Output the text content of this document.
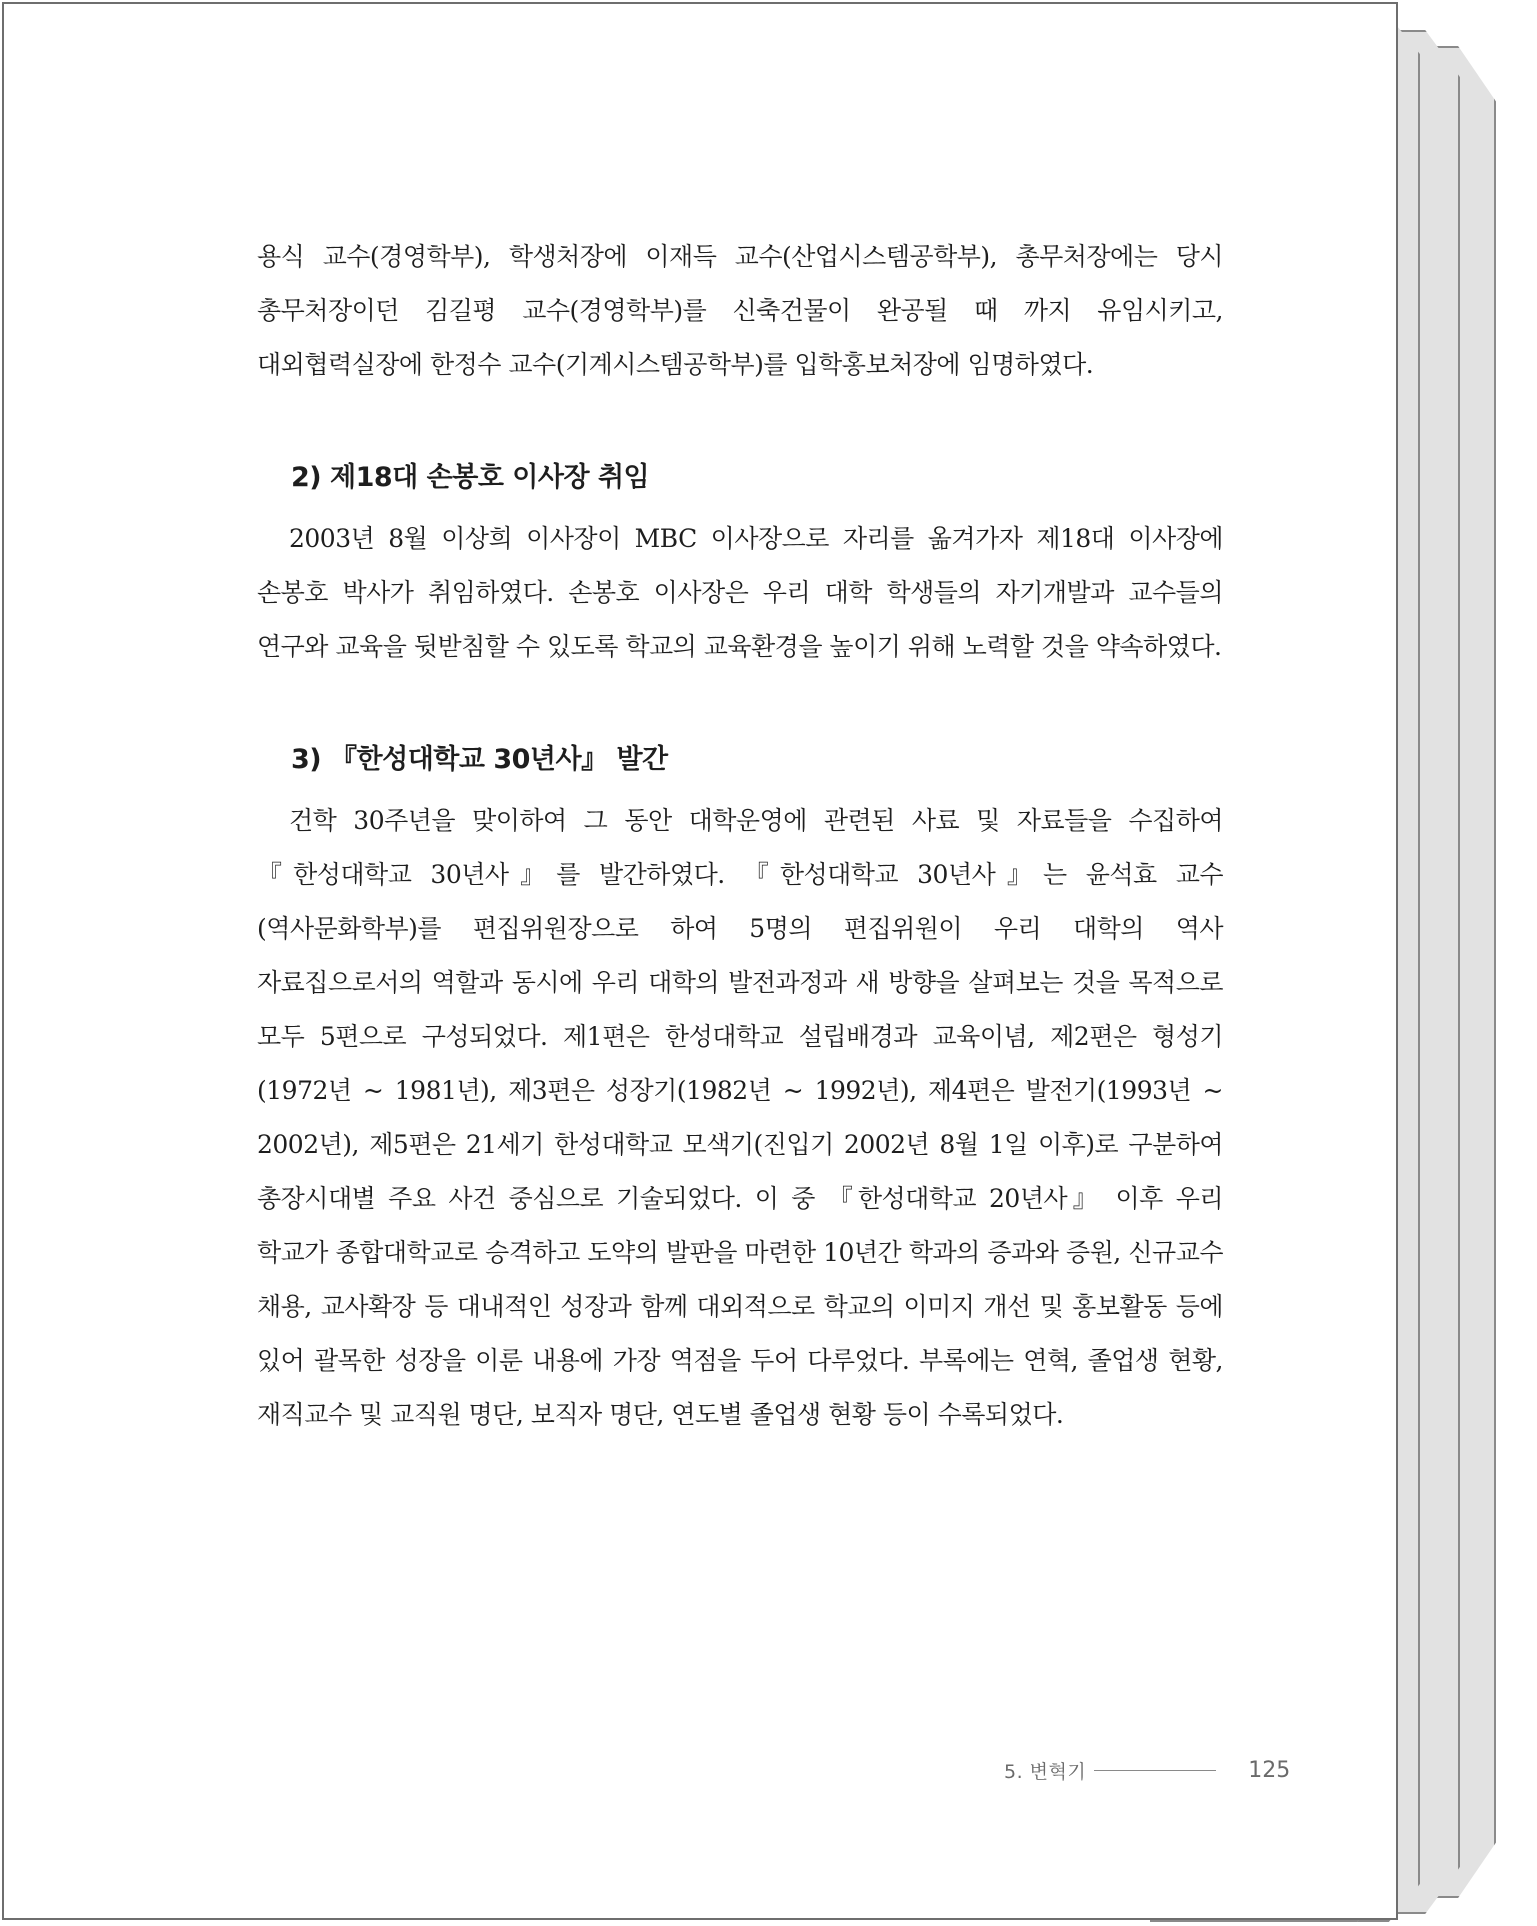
용식 교수(경영학부), 학생처장에 이재득 교수(산업시스템공학부), 총무처장에는 당시 총무처장이던 김길평 교수(경영학부)를 신축건물이 완공될 때 까지 유임시키고, 대외협력실장에 한정수 교수(기계시스템공학부)를 입학홍보처장에 임명하였다.

2) 제18대 손봉호 이사장 취임

2003년 8월 이상희 이사장이 MBC 이사장으로 자리를 옮겨가자 제18대 이사장에 손봉호 박사가 취임하였다. 손봉호 이사장은 우리 대학 학생들의 자기개발과 교수들의 연구와 교육을 뒷받침할 수 있도록 학교의 교육환경을 높이기 위해 노력할 것을 약속하였다.

3) 『한성대학교 30년사』 발간

건학 30주년을 맞이하여 그 동안 대학운영에 관련된 사료 및 자료들을 수집하여 『한성대학교 30년사』를 발간하였다. 『한성대학교 30년사』는 윤석효 교수(역사문화학부)를 편집위원장으로 하여 5명의 편집위원이 우리 대학의 역사 자료집으로서의 역할과 동시에 우리 대학의 발전과정과 새 방향을 살펴보는 것을 목적으로 모두 5편으로 구성되었다. 제1편은 한성대학교 설립배경과 교육이념, 제2편은 형성기(1972년 ~ 1981년), 제3편은 성장기(1982년 ~ 1992년), 제4편은 발전기(1993년 ~ 2002년), 제5편은 21세기 한성대학교 모색기(진입기 2002년 8월 1일 이후)로 구분하여 총장시대별 주요 사건 중심으로 기술되었다. 이 중 『한성대학교 20년사』 이후 우리 학교가 종합대학교로 승격하고 도약의 발판을 마련한 10년간 학과의 증과와 증원, 신규교수 채용, 교사확장 등 대내적인 성장과 함께 대외적으로 학교의 이미지 개선 및 홍보활동 등에 있어 괄목한 성장을 이룬 내용에 가장 역점을 두어 다루었다. 부록에는 연혁, 졸업생 현황, 재직교수 및 교직원 명단, 보직자 명단, 연도별 졸업생 현황 등이 수록되었다.

5. 변혁기	125
